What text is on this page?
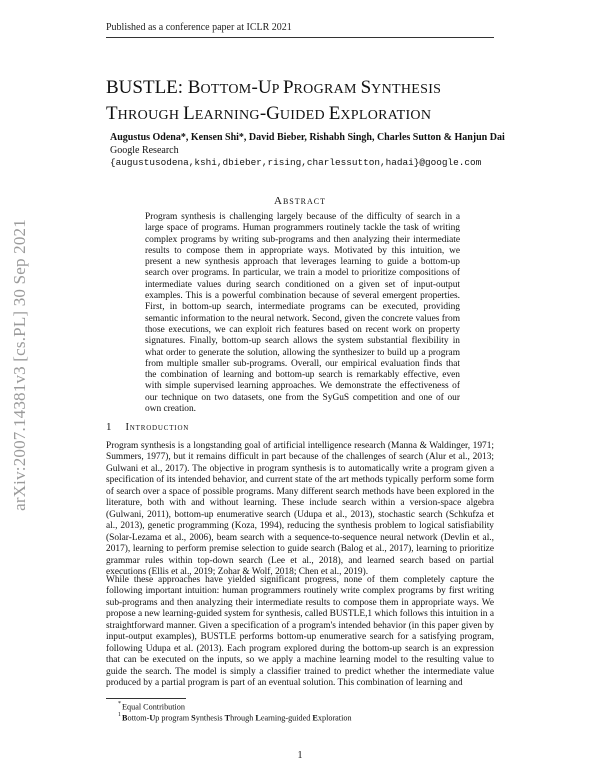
Published as a conference paper at ICLR 2021
arXiv:2007.14381v3 [cs.PL] 30 Sep 2021
BUSTLE: BOTTOM-UP PROGRAM SYNTHESIS
THROUGH LEARNING-GUIDED EXPLORATION
Augustus Odena*, Kensen Shi*, David Bieber, Rishabh Singh, Charles Sutton & Hanjun Dai
Google Research
{augustusodena,kshi,dbieber,rising,charlessutton,hadai}@google.com
Abstract

Program synthesis is challenging largely because of the difficulty of search in a large space of programs. Human programmers routinely tackle the task of writing complex programs by writing sub-programs and then analyzing their intermediate results to compose them in appropriate ways. Motivated by this intuition, we present a new synthesis approach that leverages learning to guide a bottom-up search over programs. In particular, we train a model to prioritize compositions of intermediate values during search conditioned on a given set of input-output examples. This is a powerful combination because of several emergent properties. First, in bottom-up search, intermediate programs can be executed, providing semantic information to the neural network. Second, given the concrete values from those executions, we can exploit rich features based on recent work on property signatures. Finally, bottom-up search allows the system substantial flexibility in what order to generate the solution, allowing the synthesizer to build up a program from multiple smaller sub-programs. Overall, our empirical evaluation finds that the combination of learning and bottom-up search is remarkably effective, even with simple supervised learning approaches. We demonstrate the effectiveness of our technique on two datasets, one from the SyGuS competition and one of our own creation.

1 Introduction

Program synthesis is a longstanding goal of artificial intelligence research (Manna & Waldinger, 1971; Summers, 1977), but it remains difficult in part because of the challenges of search (Alur et al., 2013; Gulwani et al., 2017). The objective in program synthesis is to automatically write a program given a specification of its intended behavior, and current state of the art methods typically perform some form of search over a space of possible programs. Many different search methods have been explored in the literature, both with and without learning. These include search within a version-space algebra (Gulwani, 2011), bottom-up enumerative search (Udupa et al., 2013), stochastic search (Schkufza et al., 2013), genetic programming (Koza, 1994), reducing the synthesis problem to logical satisfiability (Solar-Lezama et al., 2006), beam search with a sequence-to-sequence neural network (Devlin et al., 2017), learning to perform premise selection to guide search (Balog et al., 2017), learning to prioritize grammar rules within top-down search (Lee et al., 2018), and learned search based on partial executions (Ellis et al., 2019; Zohar & Wolf, 2018; Chen et al., 2019).

While these approaches have yielded significant progress, none of them completely capture the following important intuition: human programmers routinely write complex programs by first writing sub-programs and then analyzing their intermediate results to compose them in appropriate ways. We propose a new learning-guided system for synthesis, called BUSTLE,1 which follows this intuition in a straightforward manner. Given a specification of a program's intended behavior (in this paper given by input-output examples), BUSTLE performs bottom-up enumerative search for a satisfying program, following Udupa et al. (2013). Each program explored during the bottom-up search is an expression that can be executed on the inputs, so we apply a machine learning model to the resulting value to guide the search. The model is simply a classifier trained to predict whether the intermediate value produced by a partial program is part of an eventual solution. This combination of learning and

*Equal Contribution
$^1$Bottom-Up program Synthesis Through Learning-guided Exploration
1
